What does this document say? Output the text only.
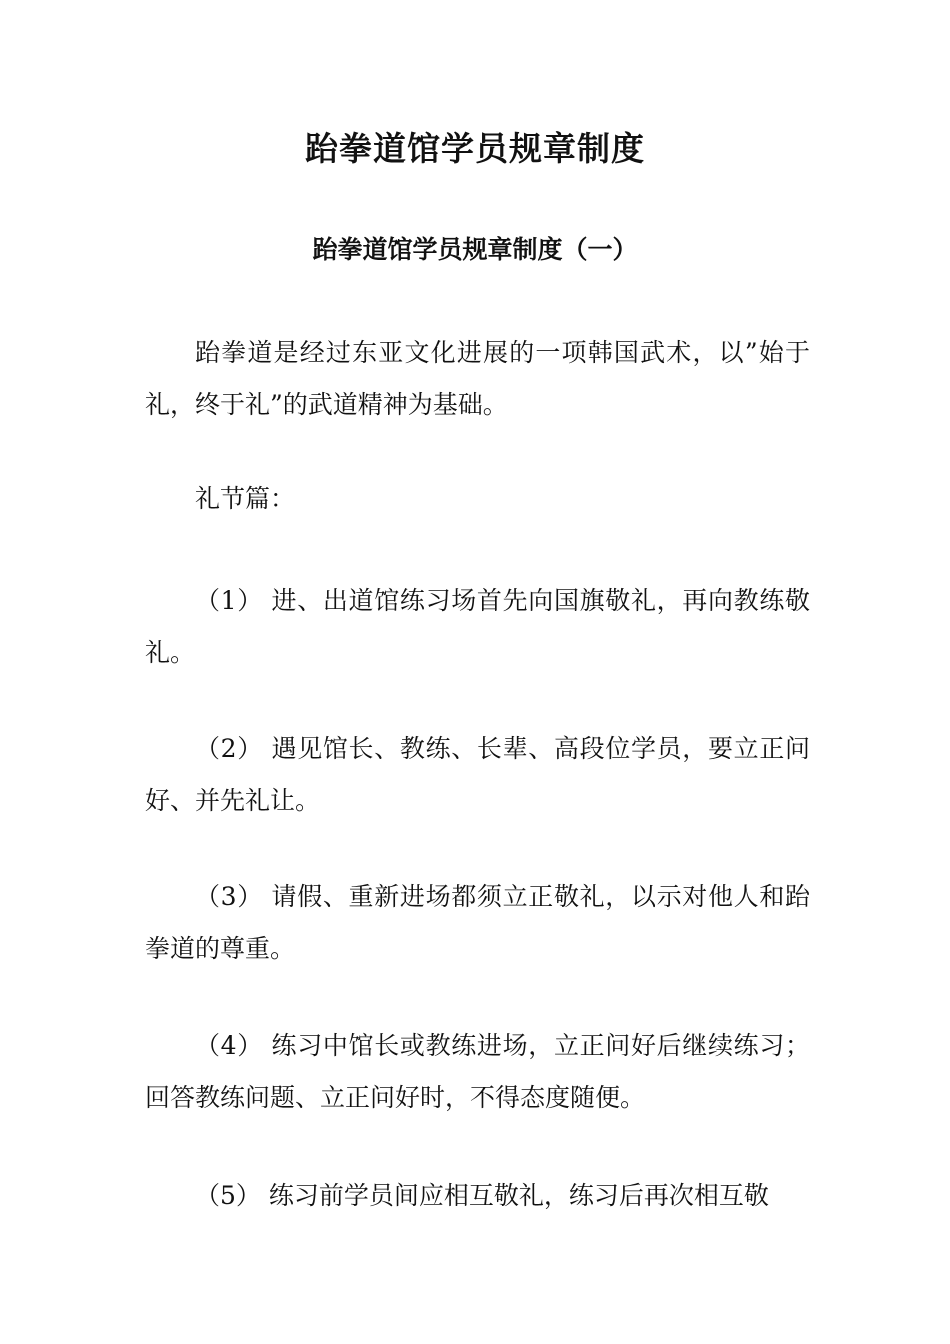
跆拳道馆学员规章制度
跆拳道馆学员规章制度（一）

跆拳道是经过东亚文化进展的一项韩国武术，以”始于礼，终于礼”的武道精神为基础。

礼节篇：

（1） 进、出道馆练习场首先向国旗敬礼，再向教练敬礼。

（2） 遇见馆长、教练、长辈、高段位学员，要立正问好、并先礼让。

（3） 请假、重新进场都须立正敬礼，以示对他人和跆拳道的尊重。

（4） 练习中馆长或教练进场，立正问好后继续练习；回答教练问题、立正问好时，不得态度随便。

（5） 练习前学员间应相互敬礼，练习后再次相互敬
